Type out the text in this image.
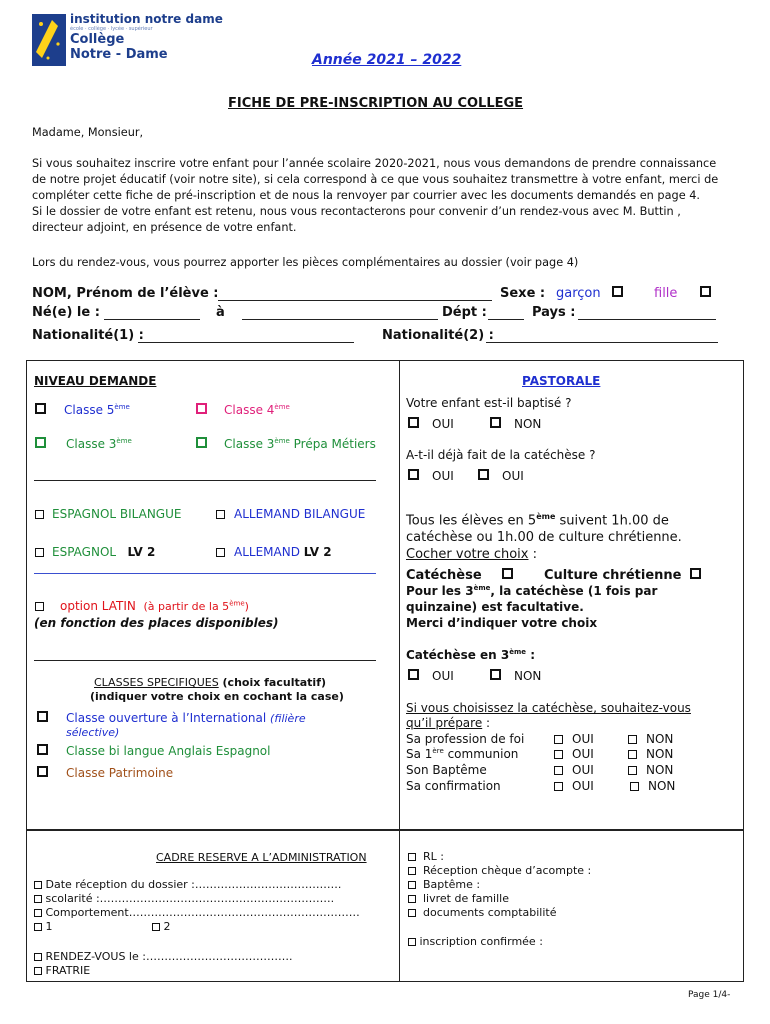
institution notre dame
école · collège · lycée · supérieur
Collège
Notre - Dame	Année 2021 – 2022
FICHE DE PRE-INSCRIPTION AU COLLEGE
Madame, Monsieur,
Si vous souhaitez inscrire votre enfant pour l’année scolaire 2020-2021, nous vous demandons de prendre connaissance
de notre projet éducatif (voir notre site), si cela correspond à ce que vous souhaitez transmettre à votre enfant, merci de
compléter cette fiche de pré-inscription et de nous la renvoyer par courrier avec les documents demandés en page 4.
Si le dossier de votre enfant est retenu, nous vous recontacterons pour convenir d’un rendez-vous avec M. Buttin ,
directeur adjoint, en présence de votre enfant.
Lors du rendez-vous, vous pourrez apporter les pièces complémentaires au dossier (voir page 4)
NOM, Prénom de l’élève :	Sexe : garçon	fille
Né(e) le :	à	Dépt :	Pays :
Nationalité(1) :	Nationalité(2) :
NIVEAU DEMANDE
Classe 5ème	Classe 4ème
Classe 3ème	Classe 3ème Prépa Métiers
ESPAGNOL BILANGUE	ALLEMAND BILANGUE
ESPAGNOL LV 2	ALLEMAND LV 2
option LATIN (à partir de la 5ème)
(en fonction des places disponibles)
CLASSES SPECIFIQUES (choix facultatif)
(indiquer votre choix en cochant la case)
Classe ouverture à l’International (filière
sélective)
Classe bi langue Anglais Espagnol
Classe Patrimoine
PASTORALE
Votre enfant est-il baptisé ?
OUI	NON
A-t-il déjà fait de la catéchèse ?
OUI	OUI
Tous les élèves en 5ème suivent 1h.00 de
catéchèse ou 1h.00 de culture chrétienne.
Cocher votre choix :
Catéchèse	Culture chrétienne
Pour les 3ème, la catéchèse (1 fois par
quinzaine) est facultative.
Merci d’indiquer votre choix
Catéchèse en 3ème :
OUI	NON
Si vous choisissez la catéchèse, souhaitez-vous
qu’il prépare :
Sa profession de foi	OUI	NON
Sa 1ère communion	OUI	NON
Son Baptême	OUI	NON
Sa confirmation	OUI	NON
CADRE RESERVE A L’ADMINISTRATION
Date réception du dossier :………………………………….
scolarité :……………………………………………………….
Comportement………………………………………………………
1	2
RENDEZ-VOUS le :………………………………….
FRATRIE
RL :
Réception chèque d’acompte :
Baptême :
livret de famille
documents comptabilité
inscription confirmée :
Page 1/4-
